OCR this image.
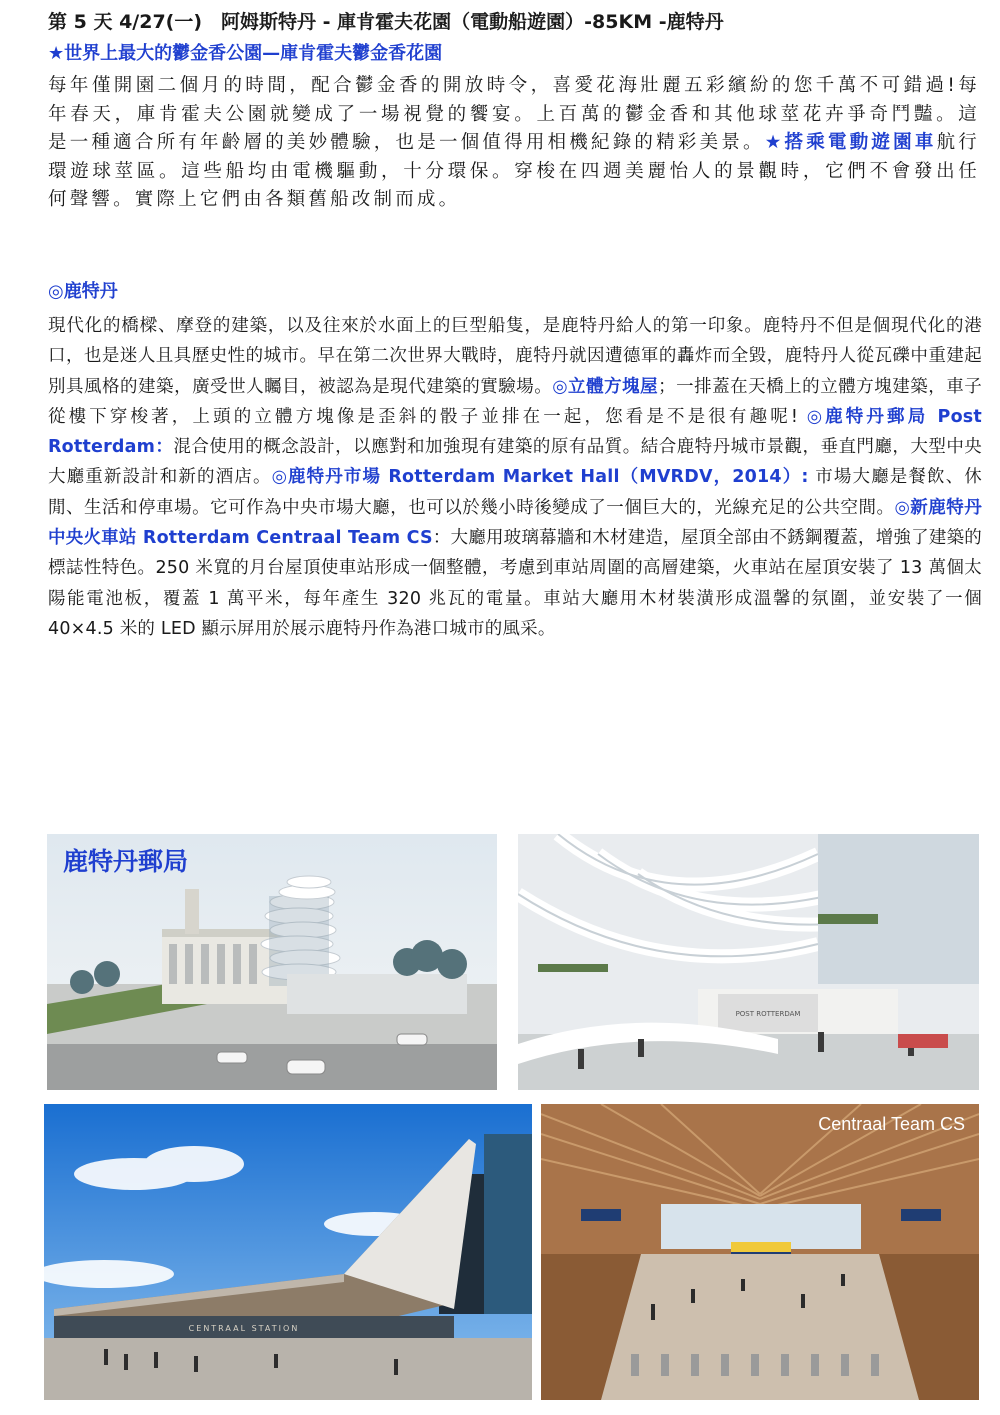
第 5 天 4/27(一)　阿姆斯特丹 - 庫肯霍夫花園（電動船遊園）-85KM -鹿特丹
★世界上最大的鬱金香公園—庫肯霍夫鬱金香花園

每年僅開園二個月的時間，配合鬱金香的開放時令，喜愛花海壯麗五彩繽紛的您千萬不可錯過!每年春天，庫肯霍夫公園就變成了一場視覺的饗宴。上百萬的鬱金香和其他球莖花卉爭奇鬥豔。這是一種適合所有年齡層的美妙體驗，也是一個值得用相機紀錄的精彩美景。★搭乘電動遊園車航行環遊球莖區。這些船均由電機驅動，十分環保。穿梭在四週美麗怡人的景觀時，它們不會發出任何聲響。實際上它們由各類舊船改制而成。

◎鹿特丹

現代化的橋樑、摩登的建築，以及往來於水面上的巨型船隻，是鹿特丹給人的第一印象。鹿特丹不但是個現代化的港口，也是迷人且具歷史性的城市。早在第二次世界大戰時，鹿特丹就因遭德軍的轟炸而全毀，鹿特丹人從瓦礫中重建起別具風格的建築，廣受世人矚目，被認為是現代建築的實驗場。◎立體方塊屋；一排蓋在天橋上的立體方塊建築，車子從樓下穿梭著，上頭的立體方塊像是歪斜的骰子並排在一起，您看是不是很有趣呢! ◎鹿特丹郵局 Post Rotterdam：混合使用的概念設計，以應對和加強現有建築的原有品質。結合鹿特丹城市景觀，垂直門廳，大型中央大廳重新設計和新的酒店。◎鹿特丹市場 Rotterdam Market Hall（MVRDV，2014）: 市場大廳是餐飲、休閒、生活和停車場。它可作為中央市場大廳，也可以於幾小時後變成了一個巨大的，光線充足的公共空間。◎新鹿特丹中央火車站 Rotterdam Centraal Team CS：大廳用玻璃幕牆和木材建造，屋頂全部由不銹鋼覆蓋，增強了建築的標誌性特色。250 米寬的月台屋頂使車站形成一個整體，考慮到車站周圍的高層建築，火車站在屋頂安裝了 13 萬個太陽能電池板，覆蓋 1 萬平米，每年產生 320 兆瓦的電量。車站大廳用木材裝潢形成溫馨的氛圍，並安裝了一個 40×4.5 米的 LED 顯示屏用於展示鹿特丹作為港口城市的風采。

鹿特丹郵局
POST ROTTERDAM
CENTRAAL STATION
Centraal Team CS
